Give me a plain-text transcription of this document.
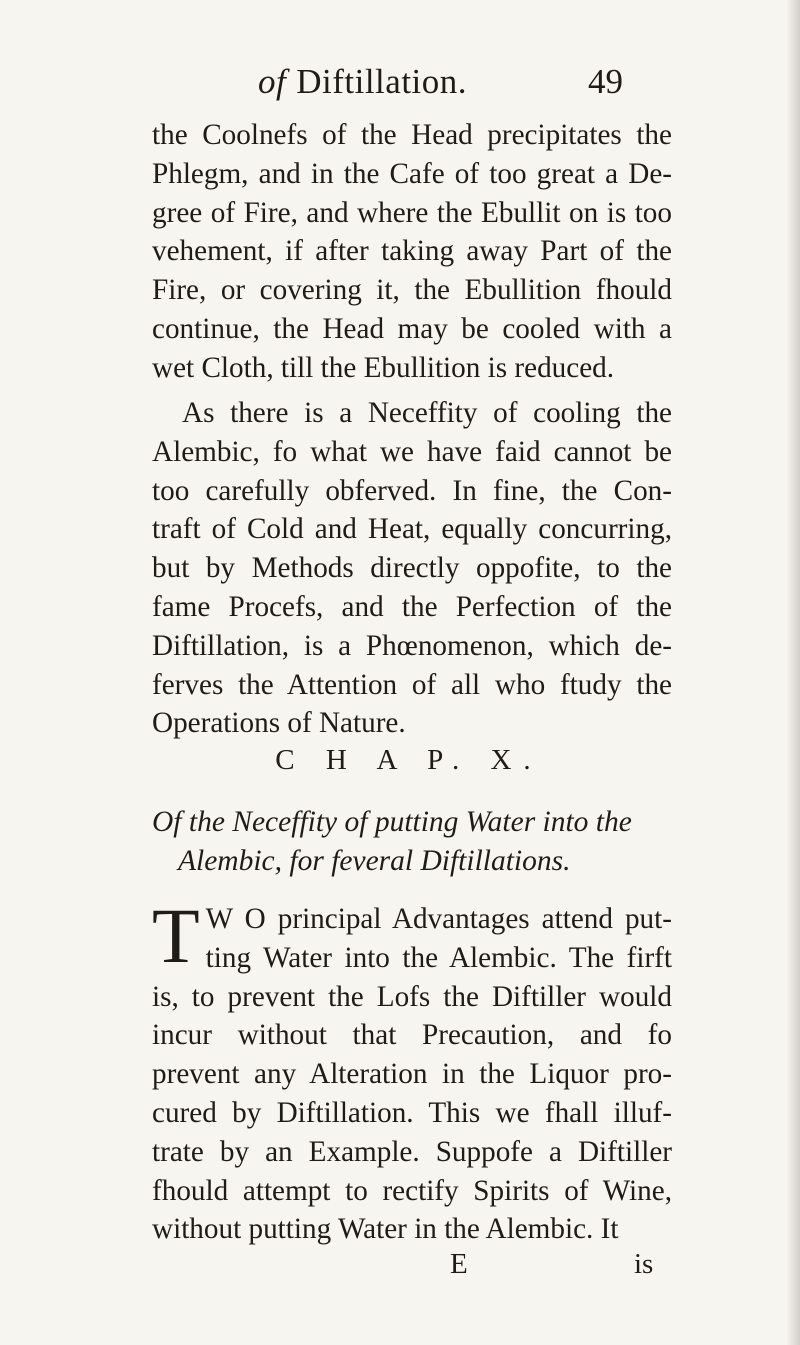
of Diftillation.	49
the Coolnefs of the Head precipitates the Phlegm, and in the Cafe of too great a De- gree of Fire, and where the Ebullit on is too vehement, if after taking away Part of the Fire, or covering it, the Ebullition fhould continue, the Head may be cooled with a wet Cloth, till the Ebullition is reduced.
As there is a Neceffity of cooling the Alembic, fo what we have faid cannot be too carefully obferved. In fine, the Con- traft of Cold and Heat, equally concurring, but by Methods directly oppofite, to the fame Procefs, and the Perfection of the Diftillation, is a Phœnomenon, which de- ferves the Attention of all who ftudy the Operations of Nature.
C H A P. X.
Of the Neceffity of putting Water into the
Alembic, for feveral Diftillations.
T W O principal Advantages attend put- ting Water into the Alembic. The firft is, to prevent the Lofs the Diftiller would incur without that Precaution, and fo prevent any Alteration in the Liquor pro- cured by Diftillation. This we fhall illuf- trate by an Example. Suppofe a Diftiller fhould attempt to rectify Spirits of Wine, without putting Water in the Alembic. It
E	is
